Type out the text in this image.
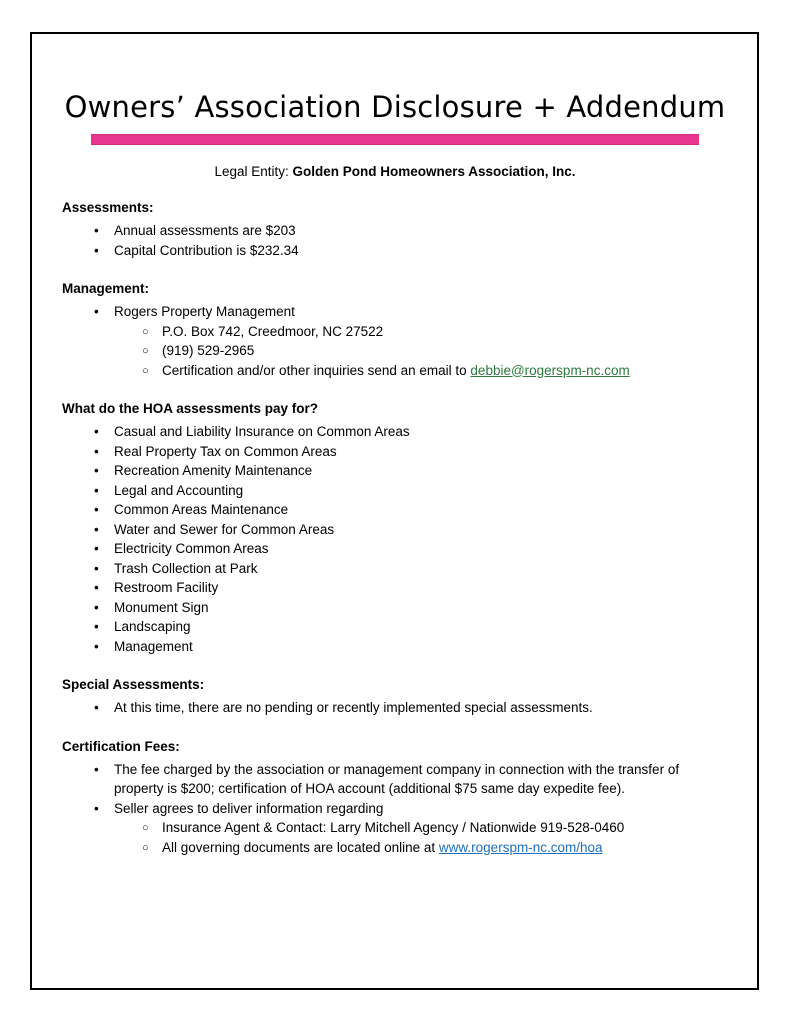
Owners’ Association Disclosure + Addendum
Legal Entity: Golden Pond Homeowners Association, Inc.
Assessments:
• Annual assessments are $203
• Capital Contribution is $232.34
Management:
• Rogers Property Management
○ P.O. Box 742, Creedmoor, NC 27522
○ (919) 529-2965
○ Certification and/or other inquiries send an email to debbie@rogerspm-nc.com
What do the HOA assessments pay for?
• Casual and Liability Insurance on Common Areas
• Real Property Tax on Common Areas
• Recreation Amenity Maintenance
• Legal and Accounting
• Common Areas Maintenance
• Water and Sewer for Common Areas
• Electricity Common Areas
• Trash Collection at Park
• Restroom Facility
• Monument Sign
• Landscaping
• Management
Special Assessments:
• At this time, there are no pending or recently implemented special assessments.
Certification Fees:
• The fee charged by the association or management company in connection with the transfer of property is $200; certification of HOA account (additional $75 same day expedite fee).
• Seller agrees to deliver information regarding
○ Insurance Agent & Contact: Larry Mitchell Agency / Nationwide 919-528-0460
○ All governing documents are located online at www.rogerspm-nc.com/hoa
